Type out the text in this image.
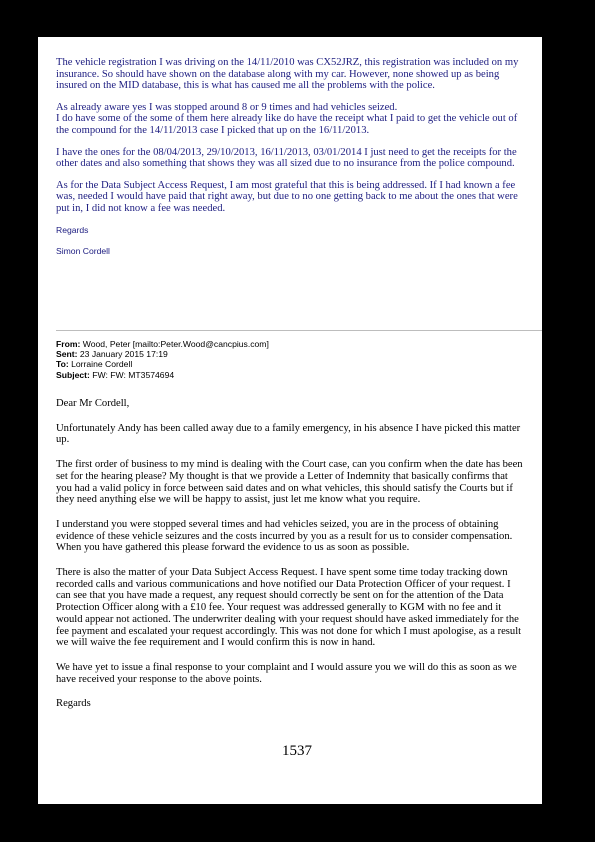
The vehicle registration I was driving on the 14/11/2010 was CX52JRZ, this registration was included on my insurance. So should have shown on the database along with my car. However, none showed up as being insured on the MID database, this is what has caused me all the problems with the police.

As already aware yes I was stopped around 8 or 9 times and had vehicles seized.

I do have some of the some of them here already like do have the receipt what I paid to get the vehicle out of the compound for the 14/11/2013 case I picked that up on the 16/11/2013.

I have the ones for the 08/04/2013, 29/10/2013, 16/11/2013, 03/01/2014 I just need to get the receipts for the other dates and also something that shows they was all sized due to no insurance from the police compound.

As for the Data Subject Access Request, I am most grateful that this is being addressed. If I had known a fee was, needed I would have paid that right away, but due to no one getting back to me about the ones that were put in, I did not know a fee was needed.

Regards

Simon Cordell

From: Wood, Peter [mailto:Peter.Wood@cancpius.com]
Sent: 23 January 2015 17:19
To: Lorraine Cordell
Subject: FW: FW: MT3574694

Dear Mr Cordell,

Unfortunately Andy has been called away due to a family emergency, in his absence I have picked this matter up.

The first order of business to my mind is dealing with the Court case, can you confirm when the date has been set for the hearing please? My thought is that we provide a Letter of Indemnity that basically confirms that you had a valid policy in force between said dates and on what vehicles, this should satisfy the Courts but if they need anything else we will be happy to assist, just let me know what you require.

I understand you were stopped several times and had vehicles seized, you are in the process of obtaining evidence of these vehicle seizures and the costs incurred by you as a result for us to consider compensation. When you have gathered this please forward the evidence to us as soon as possible.

There is also the matter of your Data Subject Access Request. I have spent some time today tracking down recorded calls and various communications and hove notified our Data Protection Officer of your request. I can see that you have made a request, any request should correctly be sent on for the attention of the Data Protection Officer along with a £10 fee. Your request was addressed generally to KGM with no fee and it would appear not actioned. The underwriter dealing with your request should have asked immediately for the fee payment and escalated your request accordingly. This was not done for which I must apologise, as a result we will waive the fee requirement and I would confirm this is now in hand.

We have yet to issue a final response to your complaint and I would assure you we will do this as soon as we have received your response to the above points.

Regards

1537
